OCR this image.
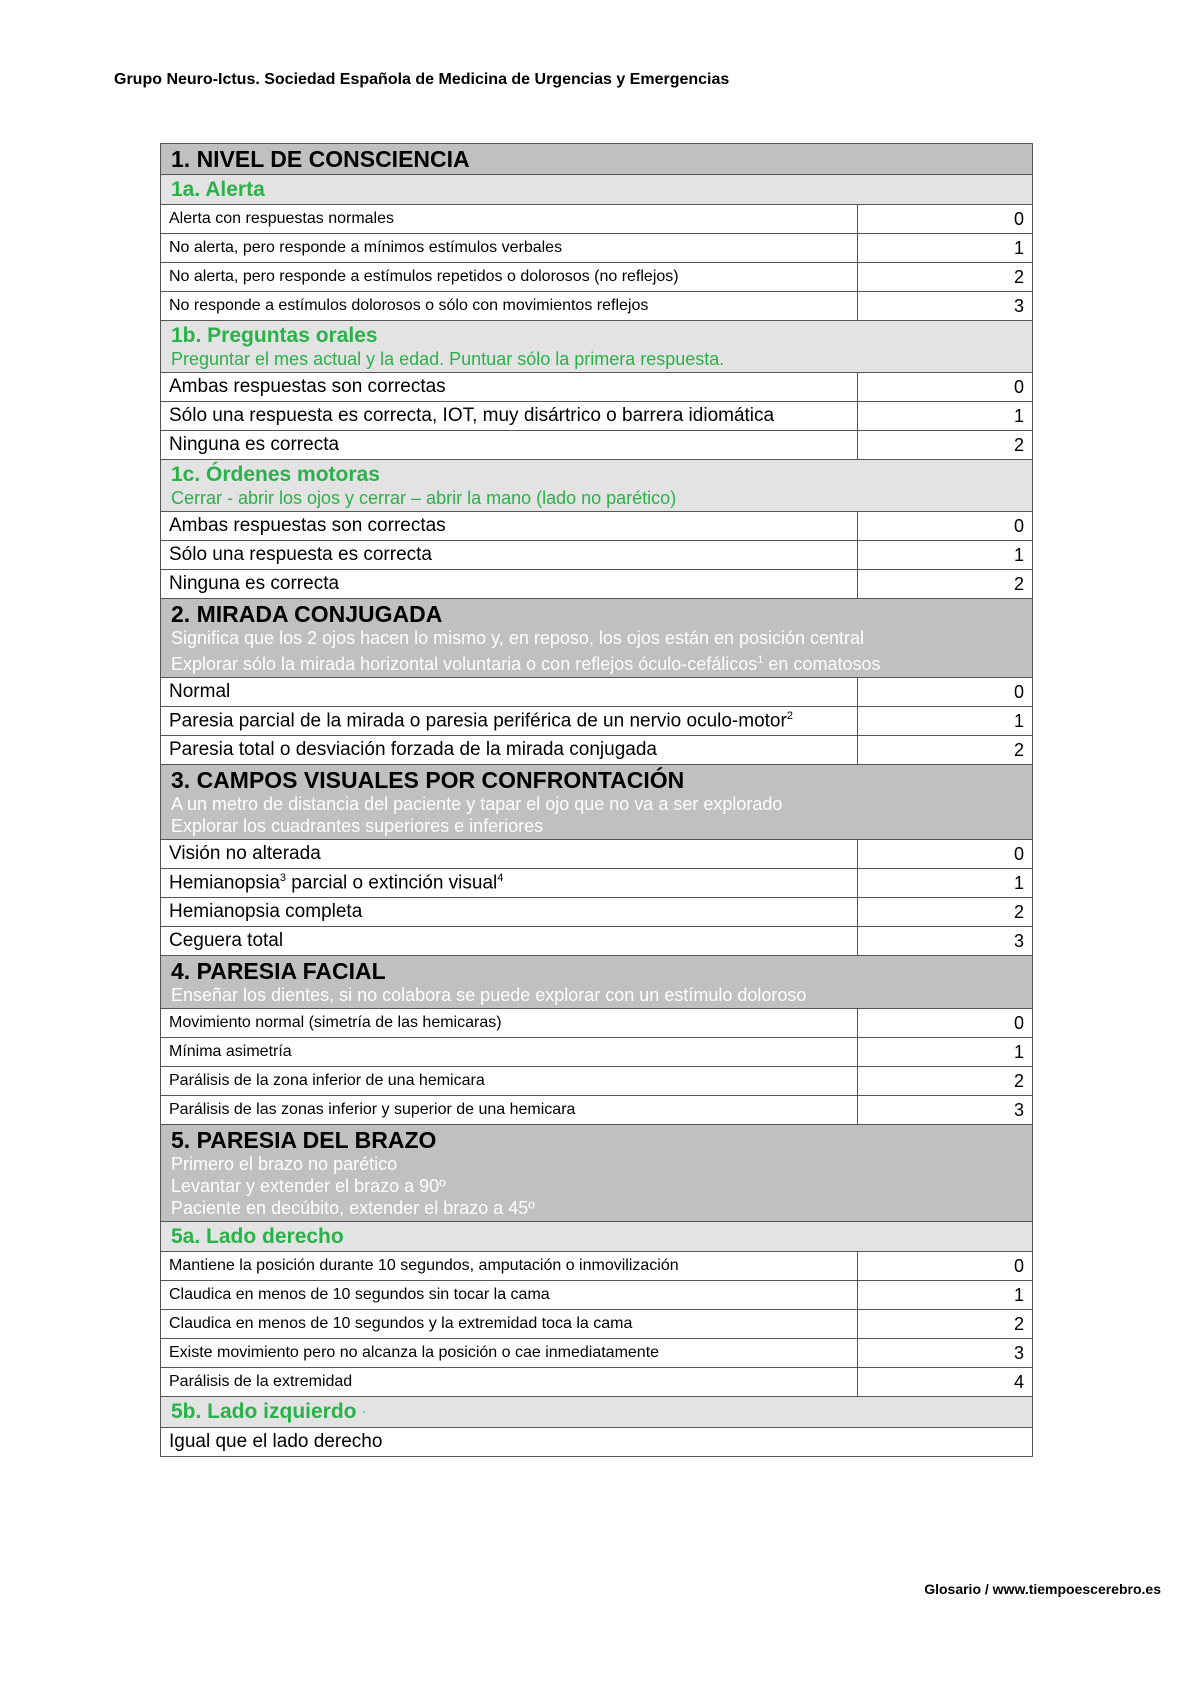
Grupo Neuro-Ictus. Sociedad Española de Medicina de Urgencias y Emergencias
1. NIVEL DE CONSCIENCIA	

1a. Alerta	

Alerta con respuestas normales	0
No alerta, pero responde a mínimos estímulos verbales	1
No alerta, pero responde a estímulos repetidos o dolorosos (no reflejos)	2
No responde a estímulos dolorosos o sólo con movimientos reflejos	3

1b. Preguntas orales
Preguntar el mes actual y la edad. Puntuar sólo la primera respuesta.	

Ambas respuestas son correctas	0
Sólo una respuesta es correcta, IOT, muy disártrico o barrera idiomática	1
Ninguna es correcta	2

1c. Órdenes motoras
Cerrar - abrir los ojos y cerrar – abrir la mano (lado no parético)	

Ambas respuestas son correctas	0
Sólo una respuesta es correcta	1
Ninguna es correcta	2

2. MIRADA CONJUGADA
Significa que los 2 ojos hacen lo mismo y, en reposo, los ojos están en posición central
Explorar sólo la mirada horizontal voluntaria o con reflejos óculo-cefálicos$^1$ en comatosos	

Normal	0
Paresia parcial de la mirada o paresia periférica de un nervio oculo-motor$^2$	1
Paresia total o desviación forzada de la mirada conjugada	2

3. CAMPOS VISUALES POR CONFRONTACIÓN
A un metro de distancia del paciente y tapar el ojo que no va a ser explorado
Explorar los cuadrantes superiores e inferiores	

Visión no alterada	0
Hemianopsia$^3$ parcial o extinción visual$^4$	1
Hemianopsia completa	2
Ceguera total	3

4. PARESIA FACIAL
Enseñar los dientes, si no colabora se puede explorar con un estímulo doloroso	

Movimiento normal (simetría de las hemicaras)	0
Mínima asimetría	1
Parálisis de la zona inferior de una hemicara	2
Parálisis de las zonas inferior y superior de una hemicara	3

5. PARESIA DEL BRAZO
Primero el brazo no parético
Levantar y extender el brazo a 90º
Paciente en decúbito, extender el brazo a 45º	

5a. Lado derecho	

Mantiene la posición durante 10 segundos, amputación o inmovilización	0
Claudica en menos de 10 segundos sin tocar la cama	1
Claudica en menos de 10 segundos y la extremidad toca la cama	2
Existe movimiento pero no alcanza la posición o cae inmediatamente	3
Parálisis de la extremidad	4

5b. Lado izquierdo -	

Igual que el lado derecho	
Glosario / www.tiempoescerebro.es
